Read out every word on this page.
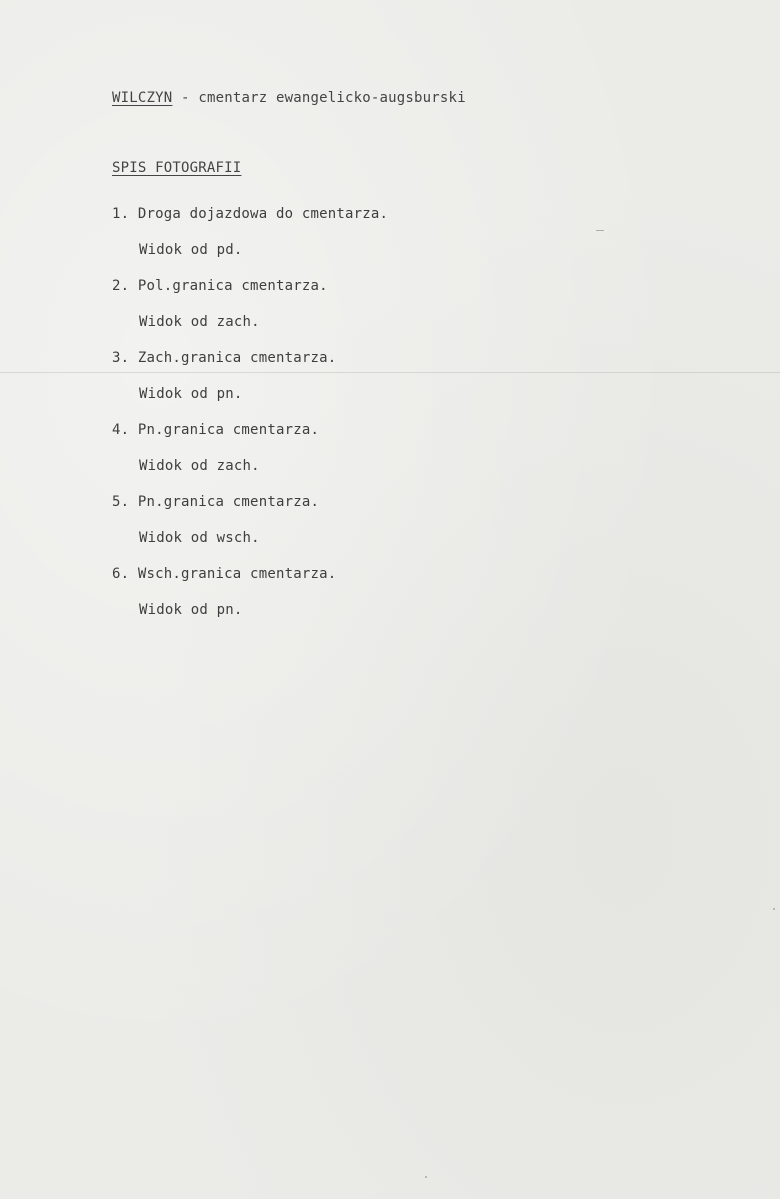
WILCZYN - cmentarz ewangelicko-augsburski
SPIS FOTOGRAFII
1. Droga dojazdowa do cmentarza.
Widok od pd.
2. Pol.granica cmentarza.
Widok od zach.
3. Zach.granica cmentarza.
Widok od pn.
4. Pn.granica cmentarza.
Widok od zach.
5. Pn.granica cmentarza.
Widok od wsch.
6. Wsch.granica cmentarza.
Widok od pn.
